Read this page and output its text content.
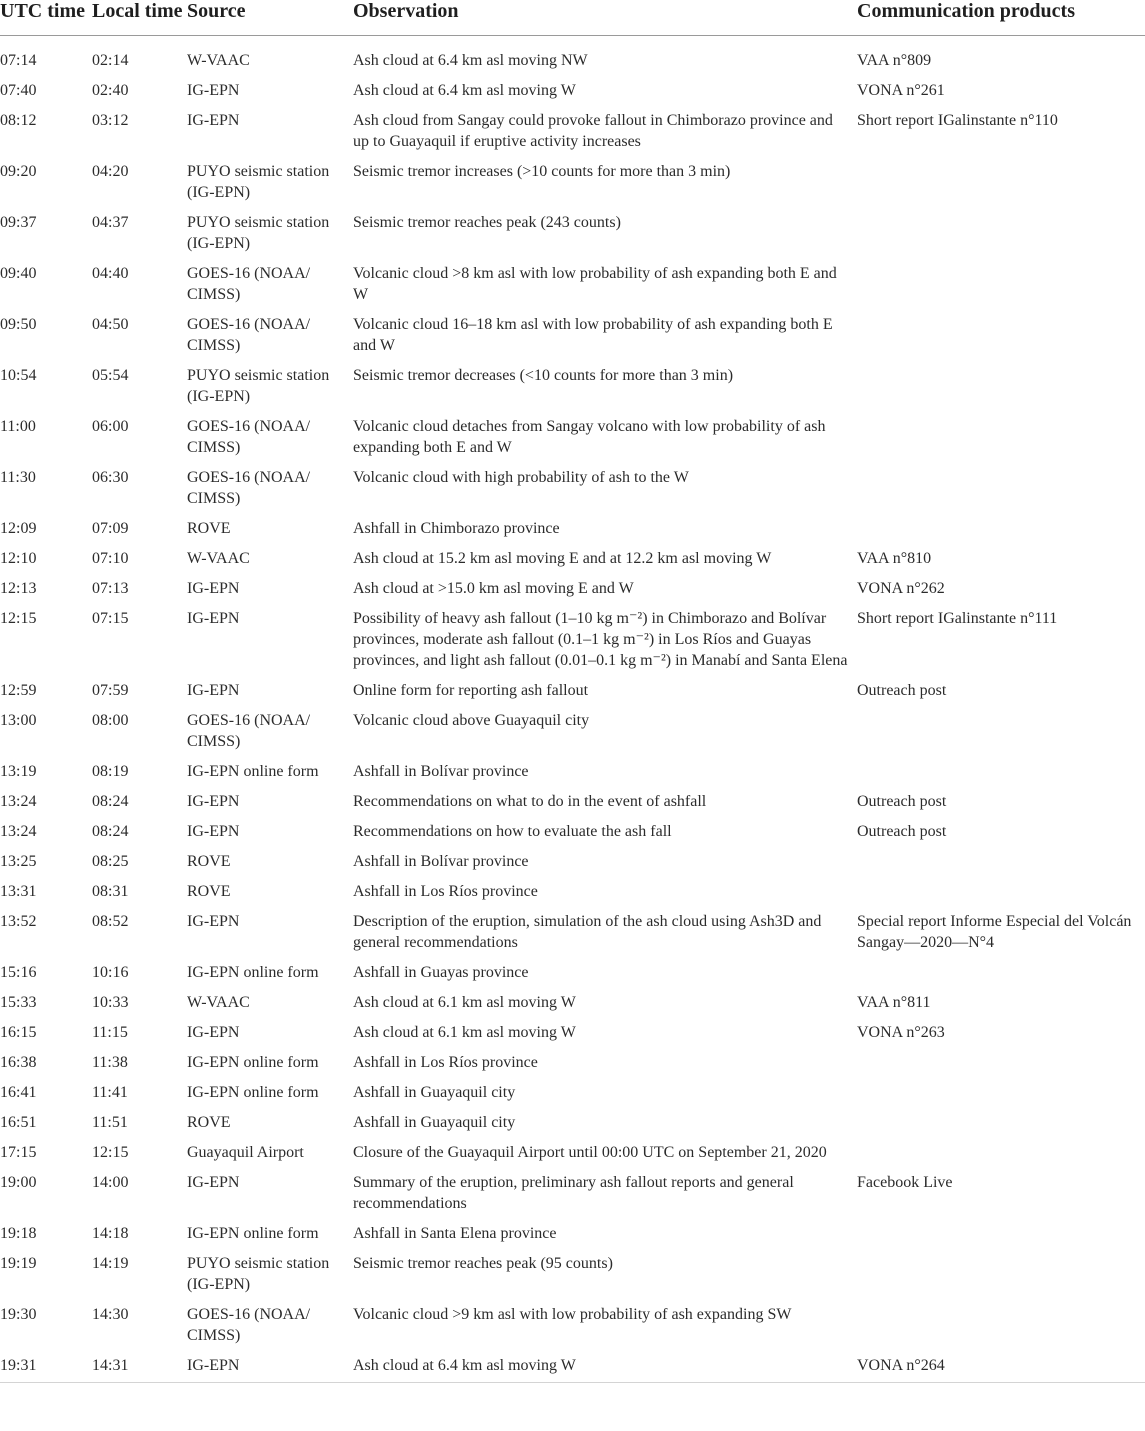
UTC time	Local time	Source	Observation	Communication products
07:14	02:14	W-VAAC	Ash cloud at 6.4 km asl moving NW	VAA n°809
07:40	02:40	IG-EPN	Ash cloud at 6.4 km asl moving W	VONA n°261
08:12	03:12	IG-EPN	Ash cloud from Sangay could provoke fallout in Chimborazo province and up to Guayaquil if eruptive activity increases	Short report IGalinstante n°110
09:20	04:20	PUYO seismic station (IG-EPN)	Seismic tremor increases (>10 counts for more than 3 min)	
09:37	04:37	PUYO seismic station (IG-EPN)	Seismic tremor reaches peak (243 counts)	
09:40	04:40	GOES-16 (NOAA/ CIMSS)	Volcanic cloud >8 km asl with low probability of ash expanding both E and W	
09:50	04:50	GOES-16 (NOAA/ CIMSS)	Volcanic cloud 16–18 km asl with low probability of ash expanding both E and W	
10:54	05:54	PUYO seismic station (IG-EPN)	Seismic tremor decreases (<10 counts for more than 3 min)	
11:00	06:00	GOES-16 (NOAA/ CIMSS)	Volcanic cloud detaches from Sangay volcano with low probability of ash expanding both E and W	
11:30	06:30	GOES-16 (NOAA/ CIMSS)	Volcanic cloud with high probability of ash to the W	
12:09	07:09	ROVE	Ashfall in Chimborazo province	
12:10	07:10	W-VAAC	Ash cloud at 15.2 km asl moving E and at 12.2 km asl moving W	VAA n°810
12:13	07:13	IG-EPN	Ash cloud at >15.0 km asl moving E and W	VONA n°262
12:15	07:15	IG-EPN	Possibility of heavy ash fallout (1–10 kg m⁻²) in Chimborazo and Bolívar provinces, moderate ash fallout (0.1–1 kg m⁻²) in Los Ríos and Guayas provinces, and light ash fallout (0.01–0.1 kg m⁻²) in Manabí and Santa Elena	Short report IGalinstante n°111
12:59	07:59	IG-EPN	Online form for reporting ash fallout	Outreach post
13:00	08:00	GOES-16 (NOAA/ CIMSS)	Volcanic cloud above Guayaquil city	
13:19	08:19	IG-EPN online form	Ashfall in Bolívar province	
13:24	08:24	IG-EPN	Recommendations on what to do in the event of ashfall	Outreach post
13:24	08:24	IG-EPN	Recommendations on how to evaluate the ash fall	Outreach post
13:25	08:25	ROVE	Ashfall in Bolívar province	
13:31	08:31	ROVE	Ashfall in Los Ríos province	
13:52	08:52	IG-EPN	Description of the eruption, simulation of the ash cloud using Ash3D and general recommendations	Special report Informe Especial del Volcán Sangay—2020—N°4
15:16	10:16	IG-EPN online form	Ashfall in Guayas province	
15:33	10:33	W-VAAC	Ash cloud at 6.1 km asl moving W	VAA n°811
16:15	11:15	IG-EPN	Ash cloud at 6.1 km asl moving W	VONA n°263
16:38	11:38	IG-EPN online form	Ashfall in Los Ríos province	
16:41	11:41	IG-EPN online form	Ashfall in Guayaquil city	
16:51	11:51	ROVE	Ashfall in Guayaquil city	
17:15	12:15	Guayaquil Airport	Closure of the Guayaquil Airport until 00:00 UTC on September 21, 2020	
19:00	14:00	IG-EPN	Summary of the eruption, preliminary ash fallout reports and general recommendations	Facebook Live
19:18	14:18	IG-EPN online form	Ashfall in Santa Elena province	
19:19	14:19	PUYO seismic station (IG-EPN)	Seismic tremor reaches peak (95 counts)	
19:30	14:30	GOES-16 (NOAA/ CIMSS)	Volcanic cloud >9 km asl with low probability of ash expanding SW	
19:31	14:31	IG-EPN	Ash cloud at 6.4 km asl moving W	VONA n°264
